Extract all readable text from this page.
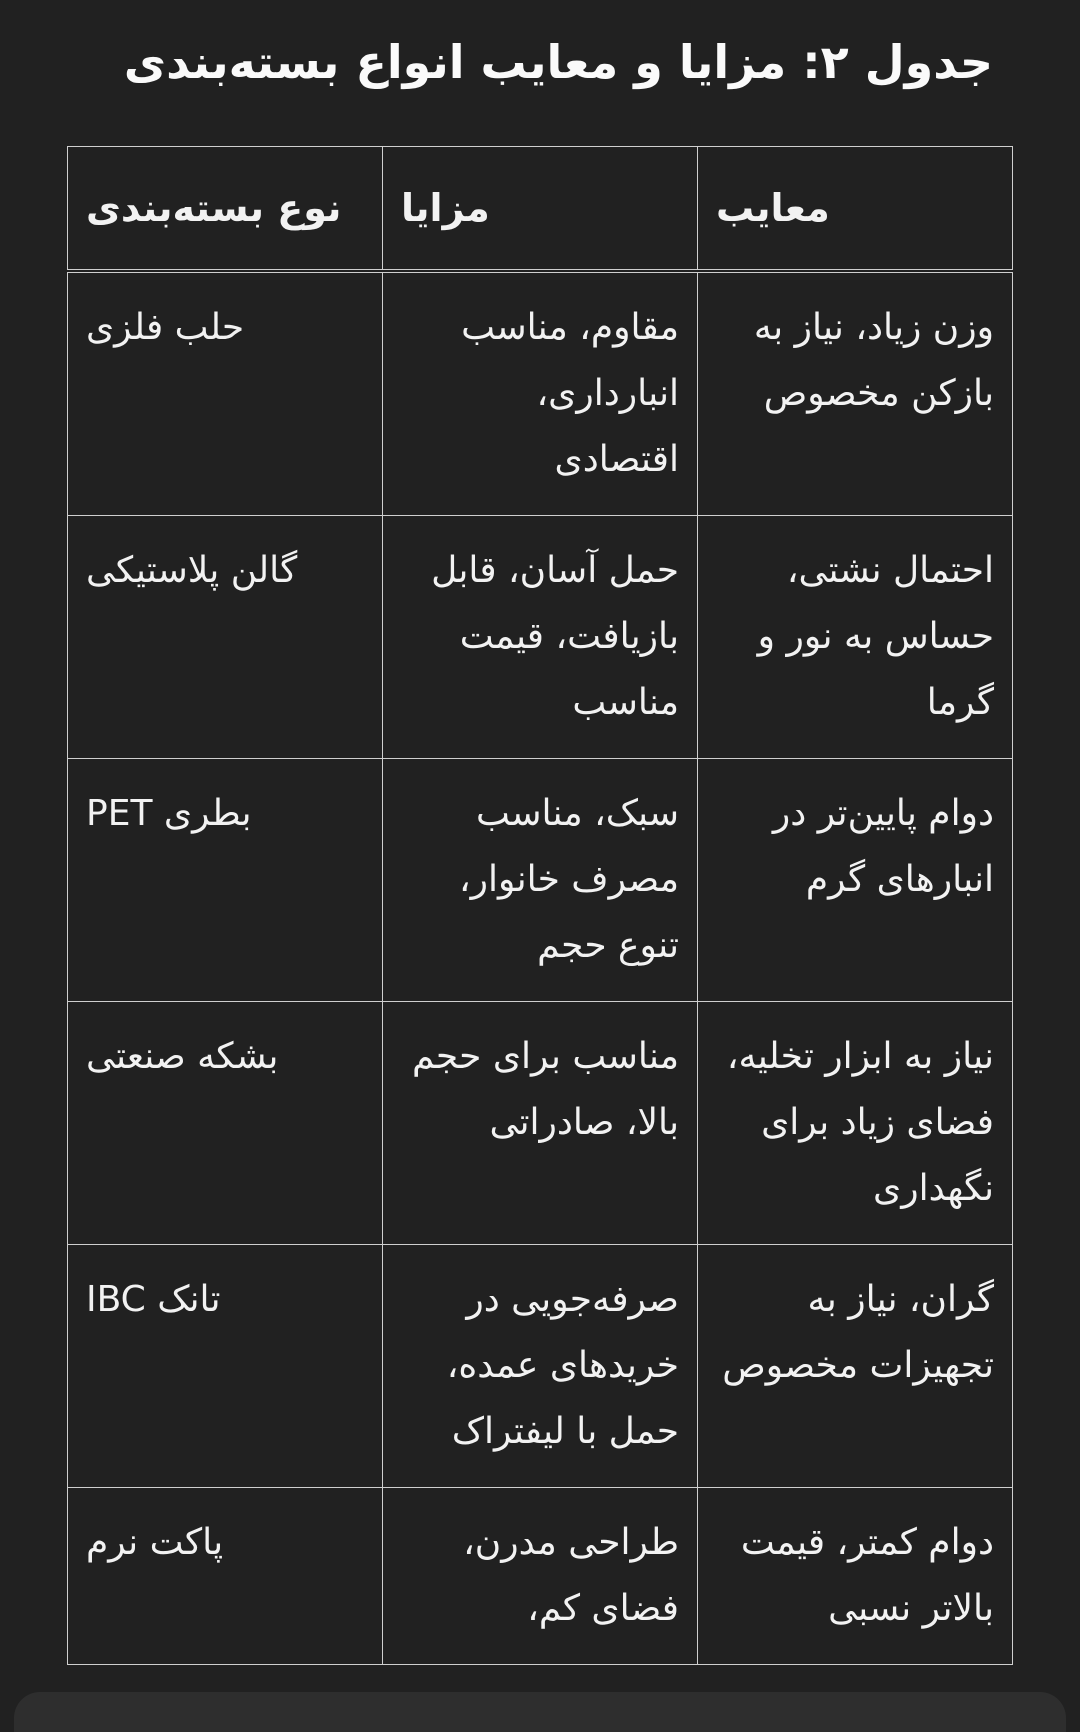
جدول ۲: مزایا و معایب انواع بسته‌بندی
نوع بسته‌بندی	مزایا	معایب
حلب فلزی	مقاوم، مناسب انبارداری، اقتصادی	وزن زیاد، نیاز به بازکن مخصوص
گالن پلاستیکی	حمل آسان، قابل بازیافت، قیمت مناسب	احتمال نشتی، حساس به نور و گرما
بطری PET	سبک، مناسب مصرف خانوار، تنوع حجم	دوام پایین‌تر در انبارهای گرم
بشکه صنعتی	مناسب برای حجم بالا، صادراتی	نیاز به ابزار تخلیه، فضای زیاد برای نگهداری
تانک IBC	صرفه‌جویی در خریدهای عمده، حمل با لیفتراک	گران، نیاز به تجهیزات مخصوص
پاکت نرم	طراحی مدرن، فضای کم،	دوام کمتر، قیمت بالاتر نسبی
